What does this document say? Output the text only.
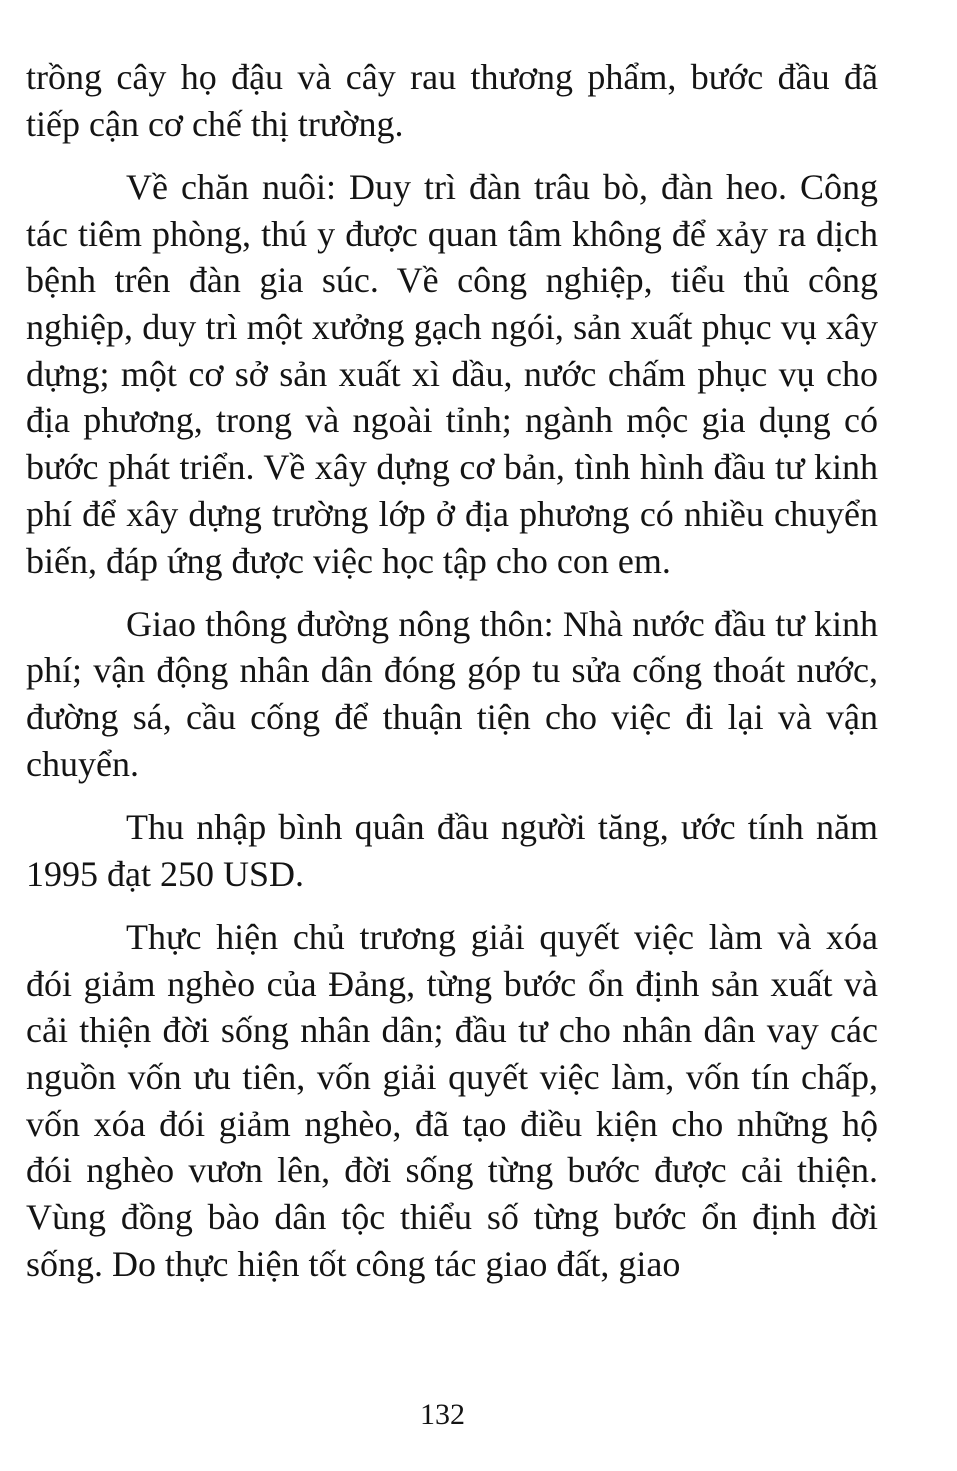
trồng cây họ đậu và cây rau thương phẩm, bước đầu đã tiếp cận cơ chế thị trường.

Về chăn nuôi: Duy trì đàn trâu bò, đàn heo. Công tác tiêm phòng, thú y được quan tâm không để xảy ra dịch bệnh trên đàn gia súc. Về công nghiệp, tiểu thủ công nghiệp, duy trì một xưởng gạch ngói, sản xuất phục vụ xây dựng; một cơ sở sản xuất xì dầu, nước chấm phục vụ cho địa phương, trong và ngoài tỉnh; ngành mộc gia dụng có bước phát triển. Về xây dựng cơ bản, tình hình đầu tư kinh phí để xây dựng trường lớp ở địa phương có nhiều chuyển biến, đáp ứng được việc học tập cho con em.

Giao thông đường nông thôn: Nhà nước đầu tư kinh phí; vận động nhân dân đóng góp tu sửa cống thoát nước, đường sá, cầu cống để thuận tiện cho việc đi lại và vận chuyển.

Thu nhập bình quân đầu người tăng, ước tính năm 1995 đạt 250 USD.

Thực hiện chủ trương giải quyết việc làm và xóa đói giảm nghèo của Đảng, từng bước ổn định sản xuất và cải thiện đời sống nhân dân; đầu tư cho nhân dân vay các nguồn vốn ưu tiên, vốn giải quyết việc làm, vốn tín chấp, vốn xóa đói giảm nghèo, đã tạo điều kiện cho những hộ đói nghèo vươn lên, đời sống từng bước được cải thiện. Vùng đồng bào dân tộc thiểu số từng bước ổn định đời sống. Do thực hiện tốt công tác giao đất, giao

132
